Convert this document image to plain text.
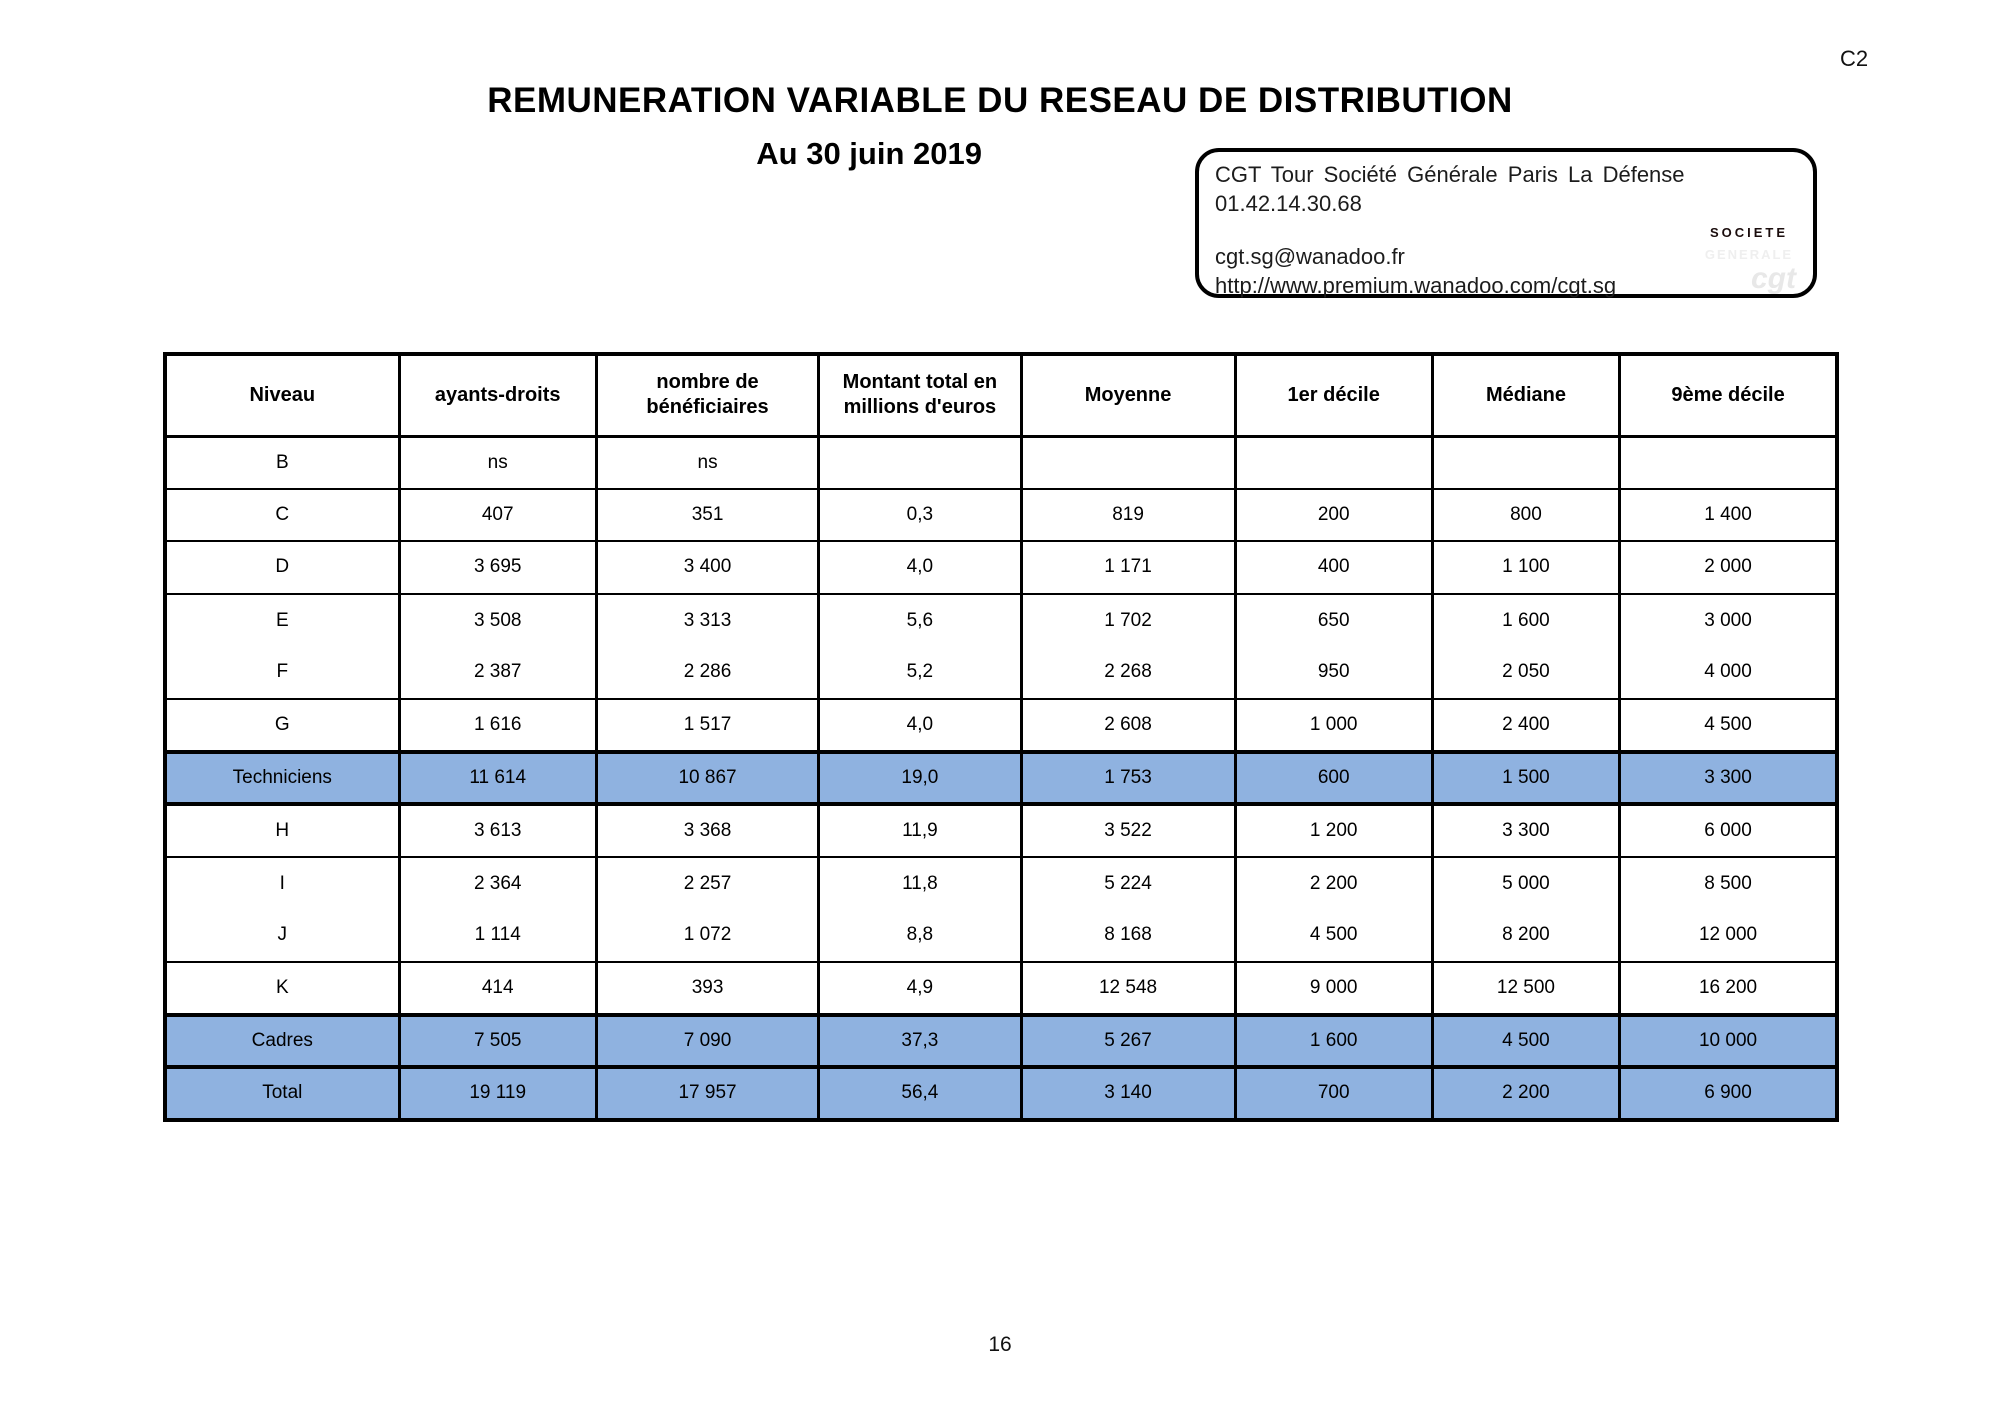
C2
REMUNERATION VARIABLE DU RESEAU DE DISTRIBUTION
Au 30 juin 2019
CGT Tour Société Générale Paris La Défense
01.42.14.30.68
cgt.sg@wanadoo.fr
http://www.premium.wanadoo.com/cgt.sg
SOCIETE
GENERALE
cgt
Niveau	ayants-droits	nombre de bénéficiaires	Montant total en millions d'euros	Moyenne	1er décile	Médiane	9ème décile
B	ns	ns					
C	407	351	0,3	819	200	800	1 400
D	3 695	3 400	4,0	1 171	400	1 100	2 000
E	3 508	3 313	5,6	1 702	650	1 600	3 000
F	2 387	2 286	5,2	2 268	950	2 050	4 000
G	1 616	1 517	4,0	2 608	1 000	2 400	4 500
Techniciens	11 614	10 867	19,0	1 753	600	1 500	3 300
H	3 613	3 368	11,9	3 522	1 200	3 300	6 000
I	2 364	2 257	11,8	5 224	2 200	5 000	8 500
J	1 114	1 072	8,8	8 168	4 500	8 200	12 000
K	414	393	4,9	12 548	9 000	12 500	16 200
Cadres	7 505	7 090	37,3	5 267	1 600	4 500	10 000
Total	19 119	17 957	56,4	3 140	700	2 200	6 900
16
